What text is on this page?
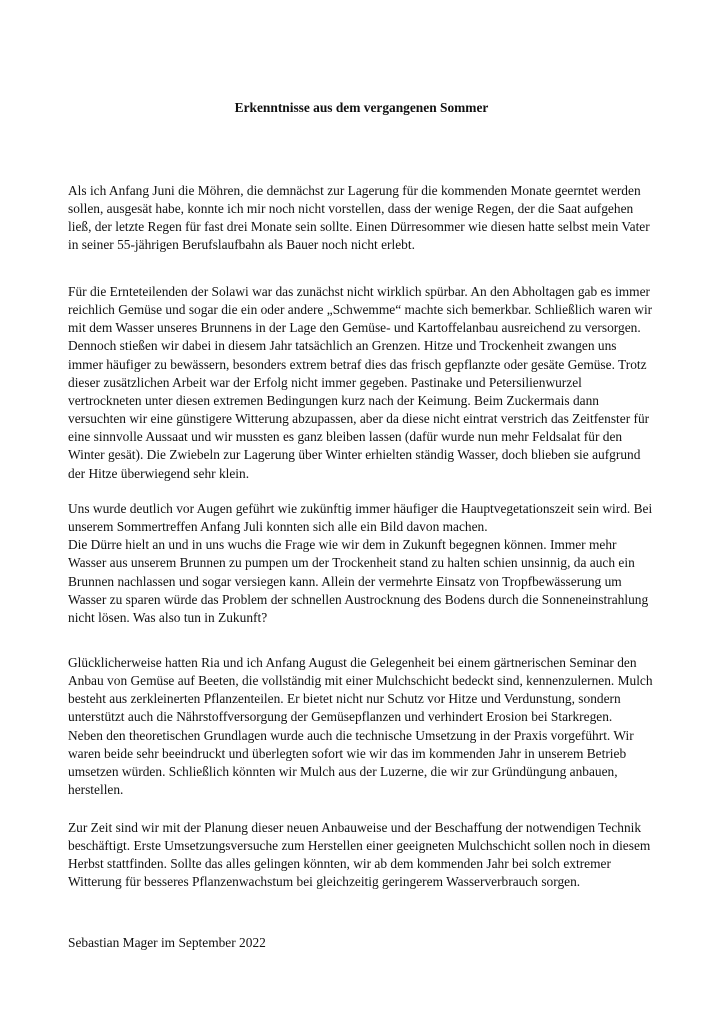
Erkenntnisse aus dem vergangenen Sommer

Als ich Anfang Juni die Möhren, die demnächst zur Lagerung für die kommenden Monate geerntet werden
sollen, ausgesät habe, konnte ich mir noch nicht vorstellen, dass der wenige Regen, der die Saat aufgehen
ließ, der letzte Regen für fast drei Monate sein sollte. Einen Dürresommer wie diesen hatte selbst mein Vater
in seiner 55-jährigen Berufslaufbahn als Bauer noch nicht erlebt.

Für die Ernteteilenden der Solawi war das zunächst nicht wirklich spürbar. An den Abholtagen gab es immer
reichlich Gemüse und sogar die ein oder andere „Schwemme“ machte sich bemerkbar. Schließlich waren wir
mit dem Wasser unseres Brunnens in der Lage den Gemüse- und Kartoffelanbau ausreichend zu versorgen.
Dennoch stießen wir dabei in diesem Jahr tatsächlich an Grenzen. Hitze und Trockenheit zwangen uns
immer häufiger zu bewässern, besonders extrem betraf dies das frisch gepflanzte oder gesäte Gemüse. Trotz
dieser zusätzlichen Arbeit war der Erfolg nicht immer gegeben. Pastinake und Petersilienwurzel
vertrockneten unter diesen extremen Bedingungen kurz nach der Keimung. Beim Zuckermais dann
versuchten wir eine günstigere Witterung abzupassen, aber da diese nicht eintrat verstrich das Zeitfenster für
eine sinnvolle Aussaat und wir mussten es ganz bleiben lassen (dafür wurde nun mehr Feldsalat für den
Winter gesät). Die Zwiebeln zur Lagerung über Winter erhielten ständig Wasser, doch blieben sie aufgrund
der Hitze überwiegend sehr klein.

Uns wurde deutlich vor Augen geführt wie zukünftig immer häufiger die Hauptvegetationszeit sein wird. Bei
unserem Sommertreffen Anfang Juli konnten sich alle ein Bild davon machen.
Die Dürre hielt an und in uns wuchs die Frage wie wir dem in Zukunft begegnen können. Immer mehr
Wasser aus unserem Brunnen zu pumpen um der Trockenheit stand zu halten schien unsinnig, da auch ein
Brunnen nachlassen und sogar versiegen kann. Allein der vermehrte Einsatz von Tropfbewässerung um
Wasser zu sparen würde das Problem der schnellen Austrocknung des Bodens durch die Sonneneinstrahlung
nicht lösen. Was also tun in Zukunft?

Glücklicherweise hatten Ria und ich Anfang August die Gelegenheit bei einem gärtnerischen Seminar den
Anbau von Gemüse auf Beeten, die vollständig mit einer Mulchschicht bedeckt sind, kennenzulernen. Mulch
besteht aus zerkleinerten Pflanzenteilen. Er bietet nicht nur Schutz vor Hitze und Verdunstung, sondern
unterstützt auch die Nährstoffversorgung der Gemüsepflanzen und verhindert Erosion bei Starkregen.
Neben den theoretischen Grundlagen wurde auch die technische Umsetzung in der Praxis vorgeführt. Wir
waren beide sehr beeindruckt und überlegten sofort wie wir das im kommenden Jahr in unserem Betrieb
umsetzen würden. Schließlich könnten wir Mulch aus der Luzerne, die wir zur Gründüngung anbauen,
herstellen.

Zur Zeit sind wir mit der Planung dieser neuen Anbauweise und der Beschaffung der notwendigen Technik
beschäftigt. Erste Umsetzungsversuche zum Herstellen einer geeigneten Mulchschicht sollen noch in diesem
Herbst stattfinden. Sollte das alles gelingen könnten, wir ab dem kommenden Jahr bei solch extremer
Witterung für besseres Pflanzenwachstum bei gleichzeitig geringerem Wasserverbrauch sorgen.

Sebastian Mager im September 2022
